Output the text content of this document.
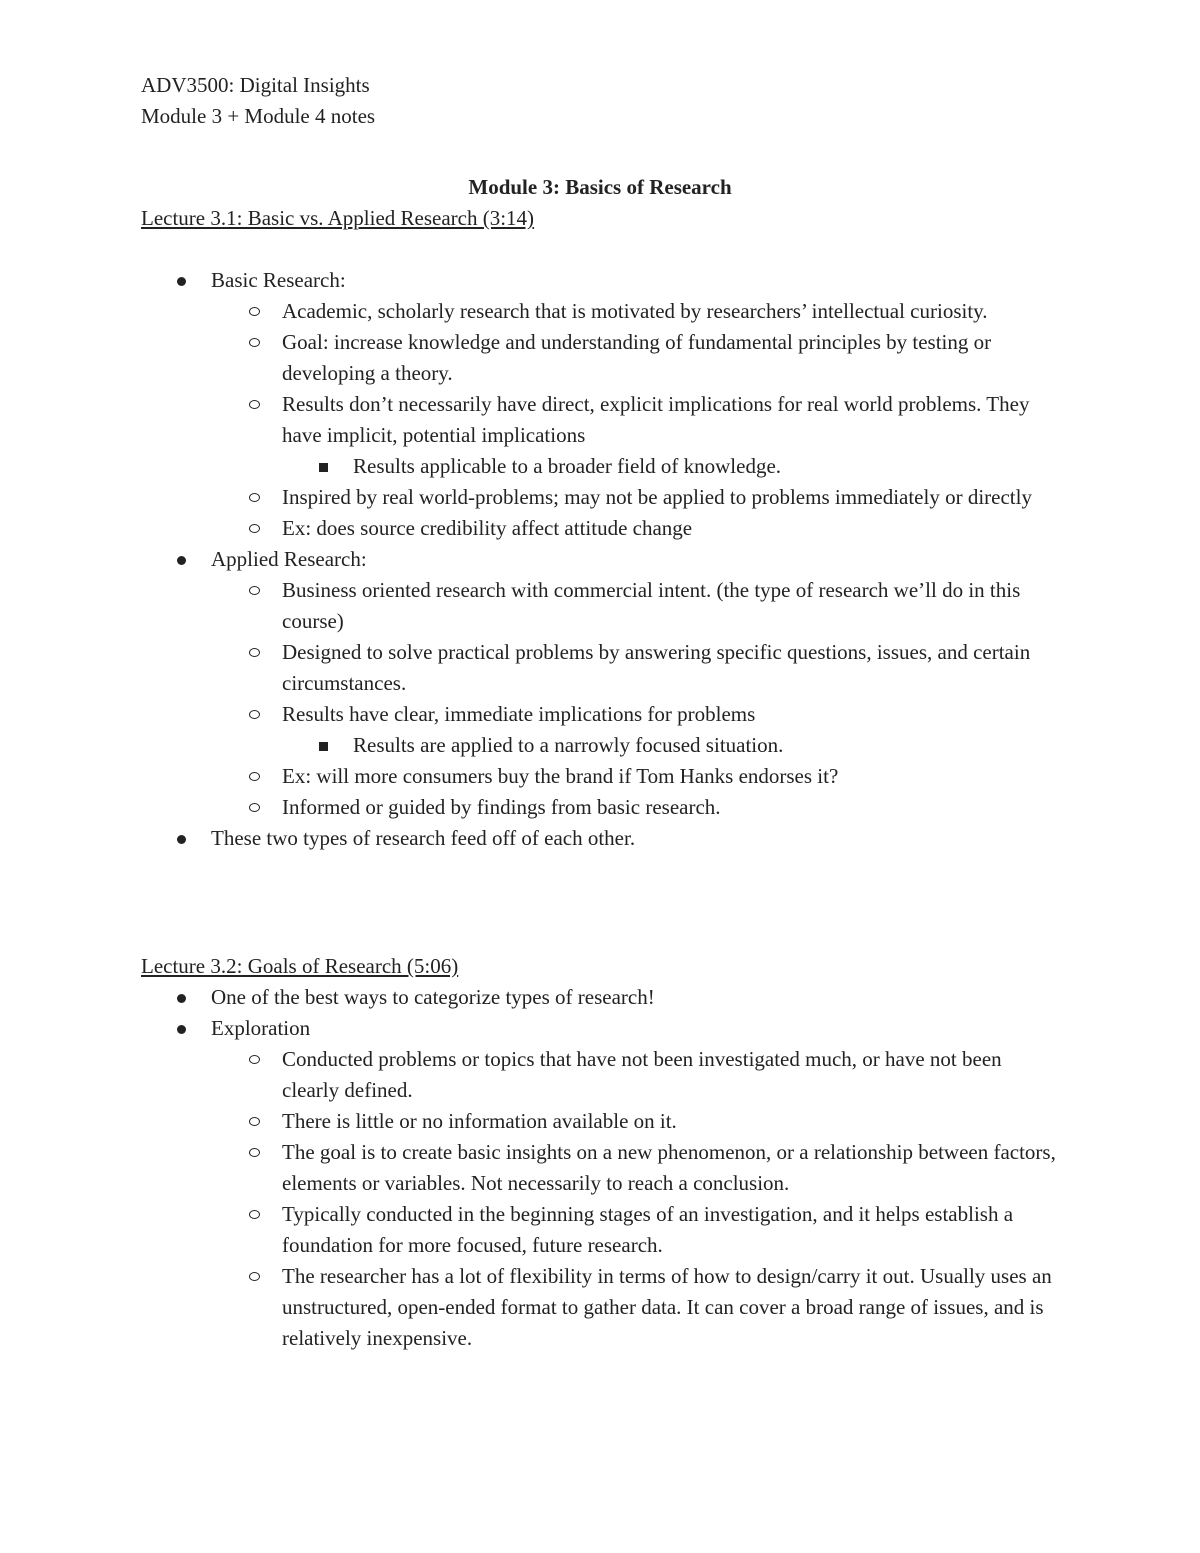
ADV3500: Digital Insights
Module 3 + Module 4 notes
Module 3: Basics of Research
Lecture 3.1: Basic vs. Applied Research (3:14)
Basic Research:
Academic, scholarly research that is motivated by researchers’ intellectual curiosity.
Goal: increase knowledge and understanding of fundamental principles by testing or developing a theory.
Results don’t necessarily have direct, explicit implications for real world problems. They have implicit, potential implications
Results applicable to a broader field of knowledge.
Inspired by real world-problems; may not be applied to problems immediately or directly
Ex: does source credibility affect attitude change
Applied Research:
Business oriented research with commercial intent. (the type of research we’ll do in this course)
Designed to solve practical problems by answering specific questions, issues, and certain circumstances.
Results have clear, immediate implications for problems
Results are applied to a narrowly focused situation.
Ex: will more consumers buy the brand if Tom Hanks endorses it?
Informed or guided by findings from basic research.
These two types of research feed off of each other.
Lecture 3.2: Goals of Research (5:06)
One of the best ways to categorize types of research!
Exploration
Conducted problems or topics that have not been investigated much, or have not been clearly defined.
There is little or no information available on it.
The goal is to create basic insights on a new phenomenon, or a relationship between factors, elements or variables. Not necessarily to reach a conclusion.
Typically conducted in the beginning stages of an investigation, and it helps establish a foundation for more focused, future research.
The researcher has a lot of flexibility in terms of how to design/carry it out. Usually uses an unstructured, open-ended format to gather data. It can cover a broad range of issues, and is relatively inexpensive.
